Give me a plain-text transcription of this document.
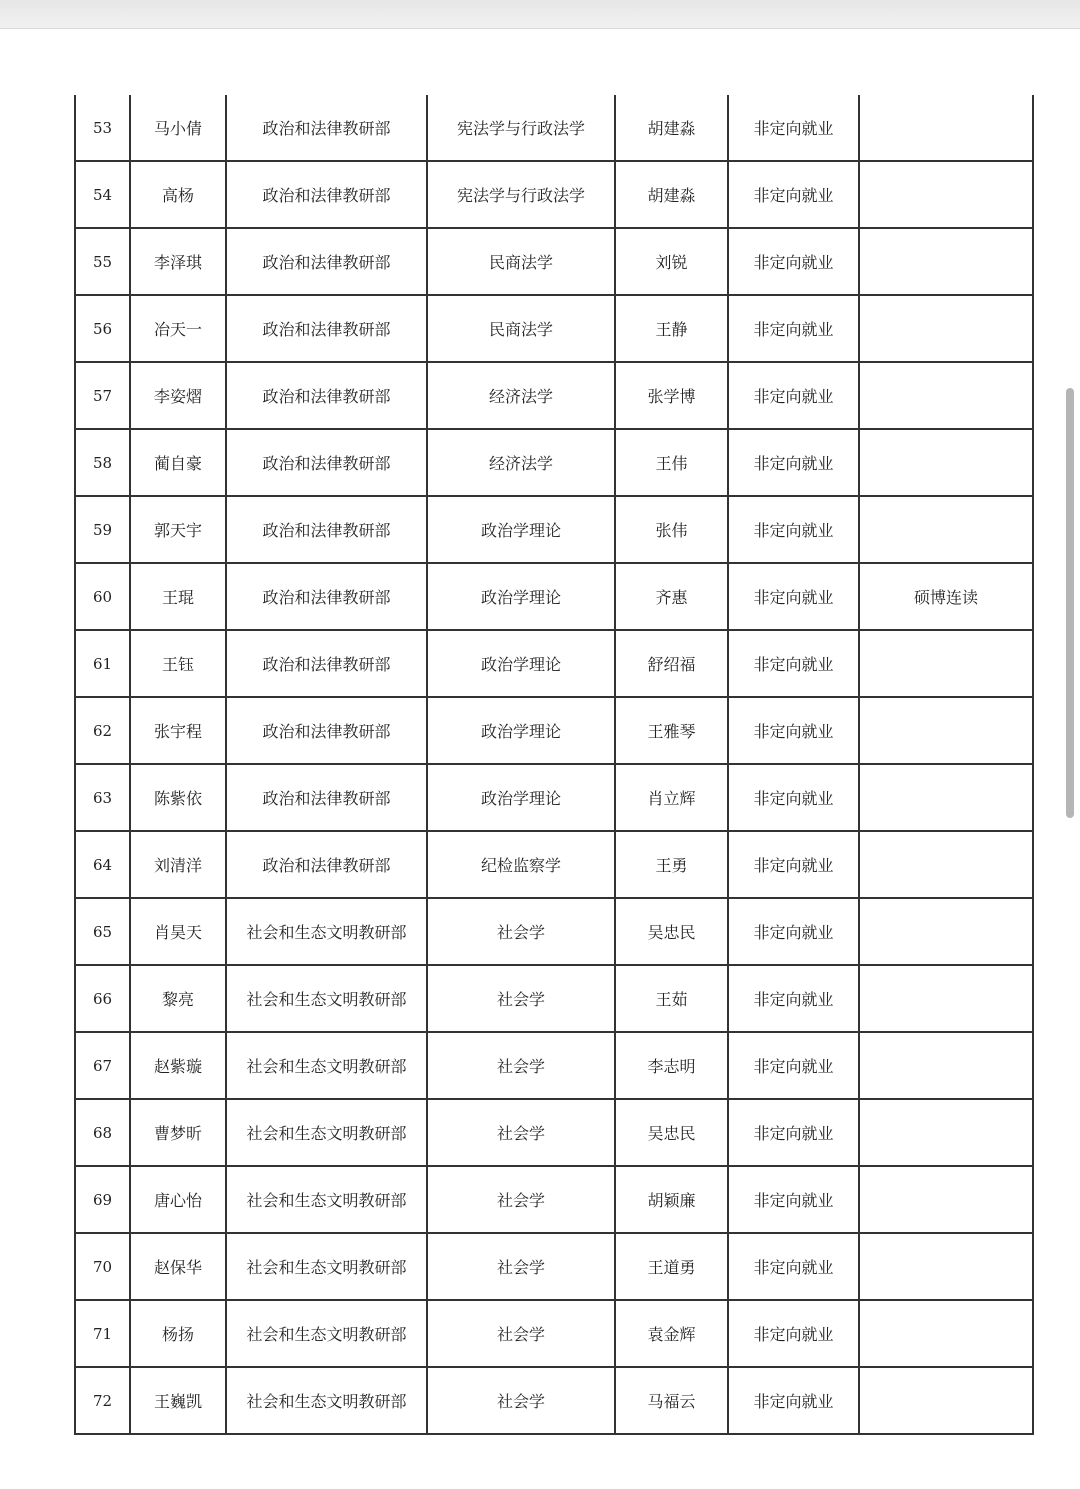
53	马小倩	政治和法律教研部	宪法学与行政法学	胡建淼	非定向就业	
54	高杨	政治和法律教研部	宪法学与行政法学	胡建淼	非定向就业	
55	李泽琪	政治和法律教研部	民商法学	刘锐	非定向就业	
56	冶天一	政治和法律教研部	民商法学	王静	非定向就业	
57	李姿熠	政治和法律教研部	经济法学	张学博	非定向就业	
58	蔺自豪	政治和法律教研部	经济法学	王伟	非定向就业	
59	郭天宇	政治和法律教研部	政治学理论	张伟	非定向就业	
60	王琨	政治和法律教研部	政治学理论	齐惠	非定向就业	硕博连读
61	王钰	政治和法律教研部	政治学理论	舒绍福	非定向就业	
62	张宇程	政治和法律教研部	政治学理论	王雅琴	非定向就业	
63	陈紫依	政治和法律教研部	政治学理论	肖立辉	非定向就业	
64	刘清洋	政治和法律教研部	纪检监察学	王勇	非定向就业	
65	肖昊天	社会和生态文明教研部	社会学	吴忠民	非定向就业	
66	黎亮	社会和生态文明教研部	社会学	王茹	非定向就业	
67	赵紫璇	社会和生态文明教研部	社会学	李志明	非定向就业	
68	曹梦昕	社会和生态文明教研部	社会学	吴忠民	非定向就业	
69	唐心怡	社会和生态文明教研部	社会学	胡颖廉	非定向就业	
70	赵保华	社会和生态文明教研部	社会学	王道勇	非定向就业	
71	杨扬	社会和生态文明教研部	社会学	袁金辉	非定向就业	
72	王巍凯	社会和生态文明教研部	社会学	马福云	非定向就业	
